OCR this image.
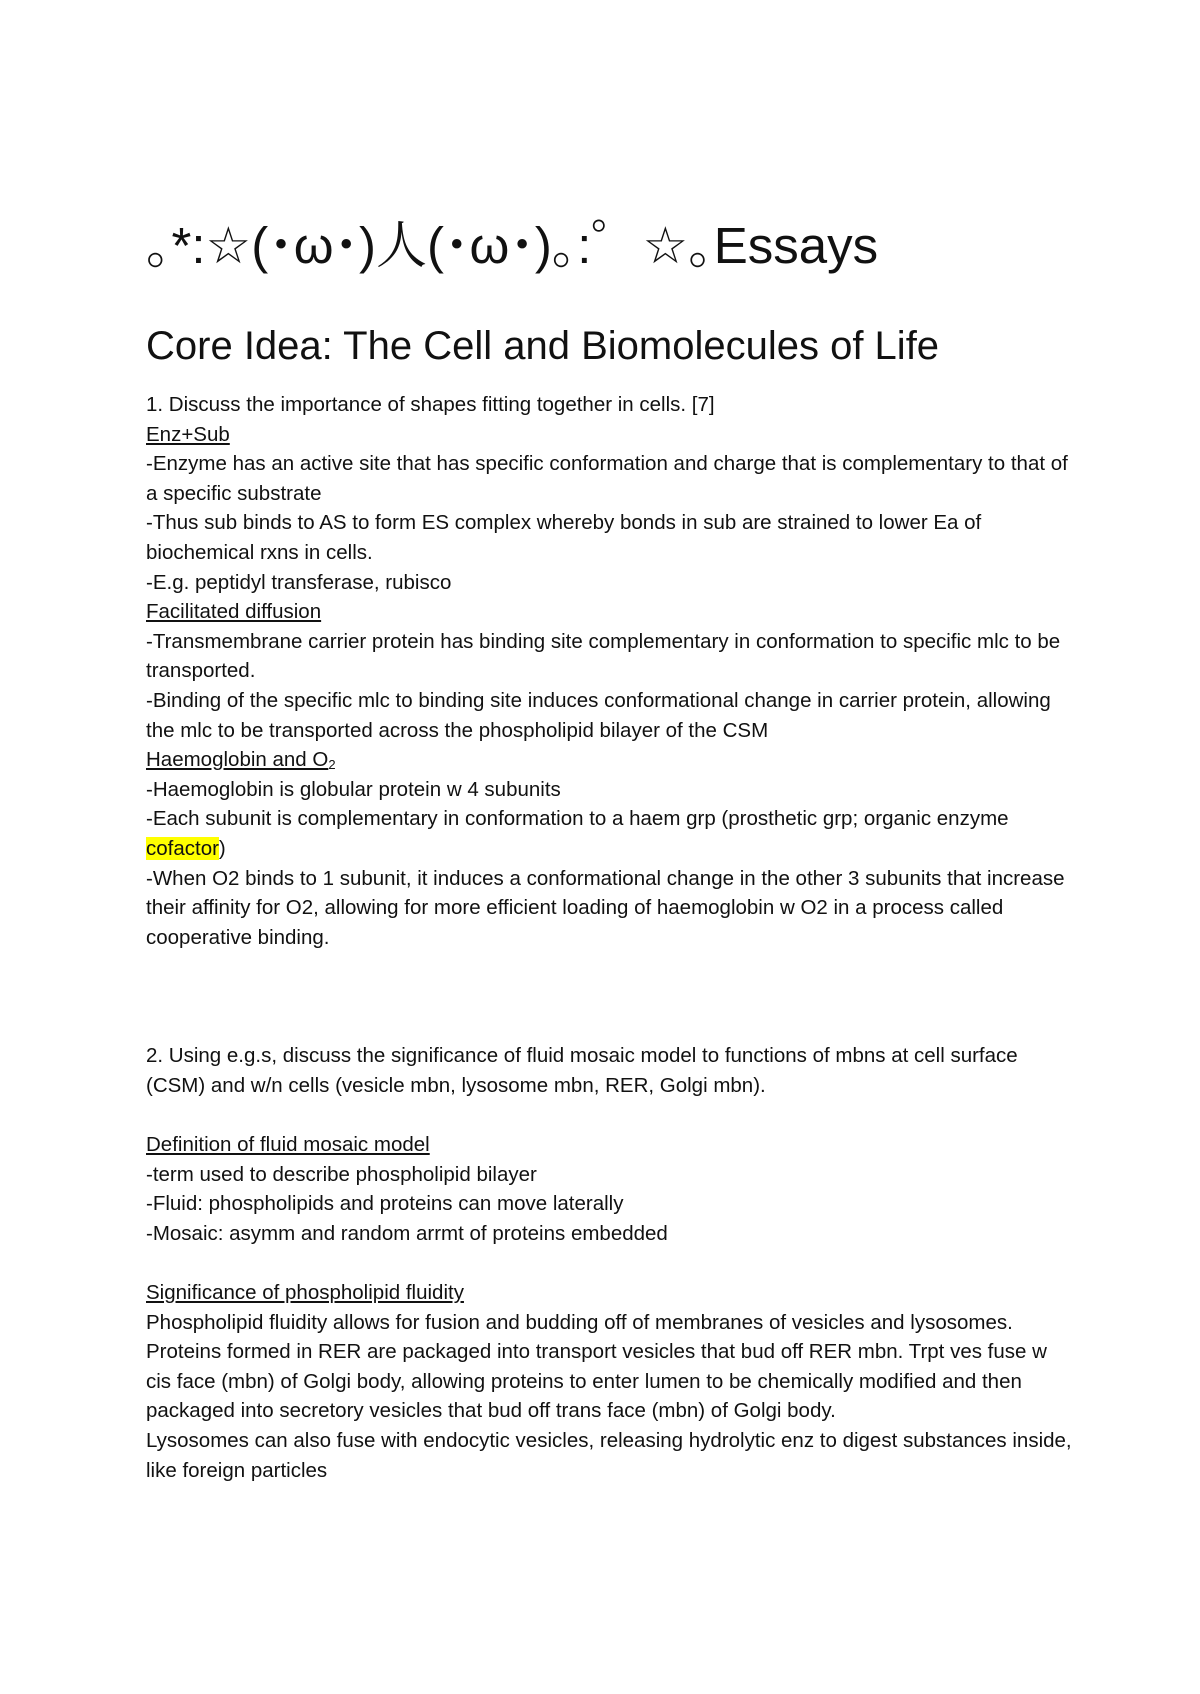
｡*:☆(･ω･)人(･ω･)｡:゜☆｡Essays
Core Idea: The Cell and Biomolecules of Life

1. Discuss the importance of shapes fitting together in cells. [7]

Enz+Sub

-Enzyme has an active site that has specific conformation and charge that is complementary to that of a specific substrate

-Thus sub binds to AS to form ES complex whereby bonds in sub are strained to lower Ea of biochemical rxns in cells.

-E.g. peptidyl transferase, rubisco

Facilitated diffusion

-Transmembrane carrier protein has binding site complementary in conformation to specific mlc to be transported.

-Binding of the specific mlc to binding site induces conformational change in carrier protein, allowing the mlc to be transported across the phospholipid bilayer of the CSM

Haemoglobin and $O_2$

-Haemoglobin is globular protein w 4 subunits

-Each subunit is complementary in conformation to a haem grp (prosthetic grp; organic enzyme cofactor)

-When O2 binds to 1 subunit, it induces a conformational change in the other 3 subunits that increase their affinity for O2, allowing for more efficient loading of haemoglobin w O2 in a process called cooperative binding.

2. Using e.g.s, discuss the significance of fluid mosaic model to functions of mbns at cell surface (CSM) and w/n cells (vesicle mbn, lysosome mbn, RER, Golgi mbn).

Definition of fluid mosaic model

-term used to describe phospholipid bilayer

-Fluid: phospholipids and proteins can move laterally

-Mosaic: asymm and random arrmt of proteins embedded

Significance of phospholipid fluidity

Phospholipid fluidity allows for fusion and budding off of membranes of vesicles and lysosomes. Proteins formed in RER are packaged into transport vesicles that bud off RER mbn. Trpt ves fuse w cis face (mbn) of Golgi body, allowing proteins to enter lumen to be chemically modified and then packaged into secretory vesicles that bud off trans face (mbn) of Golgi body.

Lysosomes can also fuse with endocytic vesicles, releasing hydrolytic enz to digest substances inside, like foreign particles
